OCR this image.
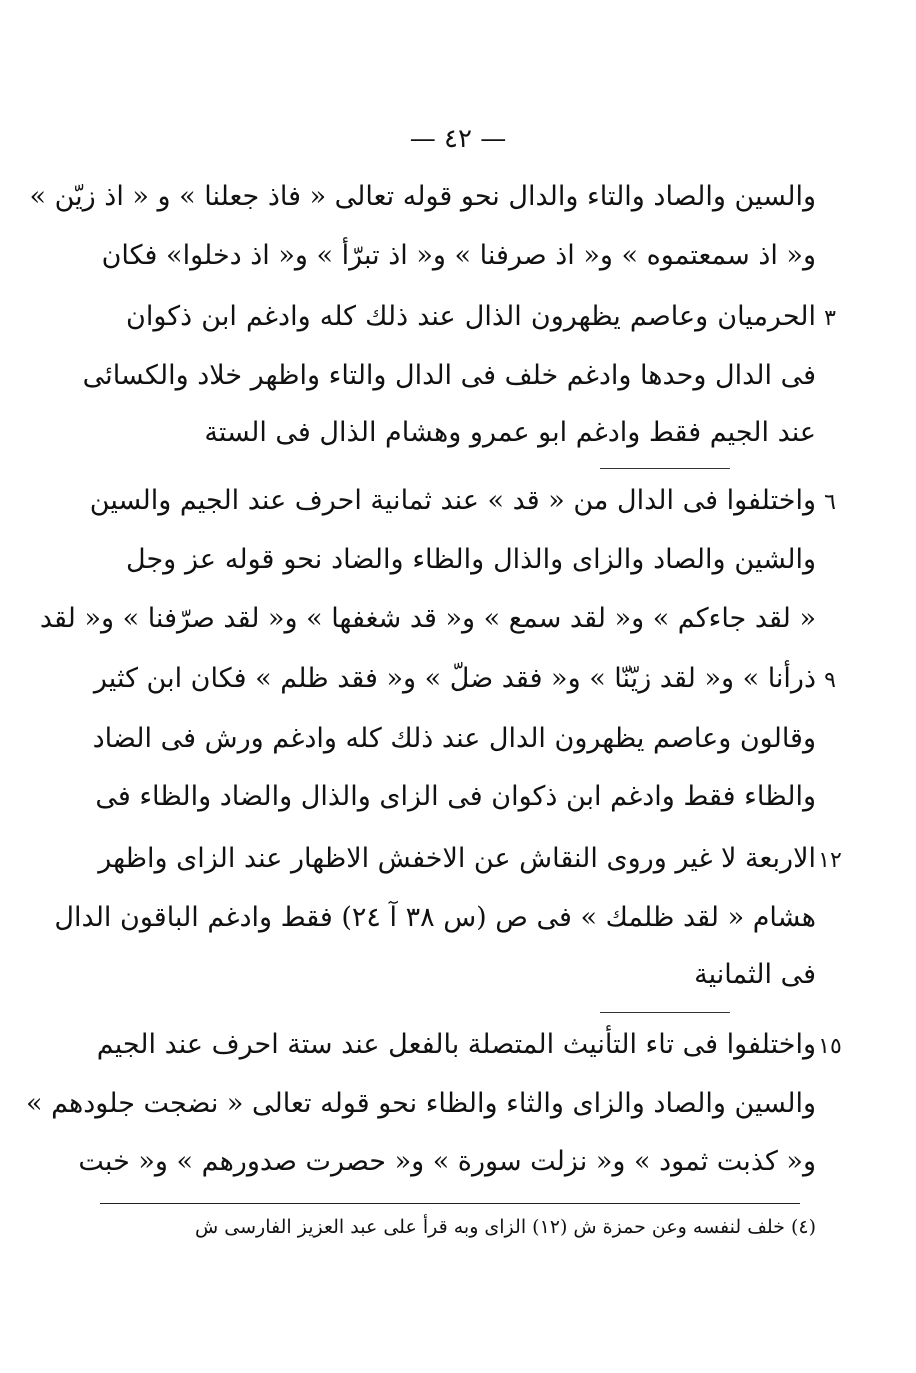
— ٤٢ —
والسين والصاد والتاء والدال نحو قوله تعالى « فاذ جعلنا » و « اذ زيّن »
و« اذ سمعتموه » و« اذ صرفنا » و« اذ تبرّأ » و« اذ دخلوا» فكان
الحرميان وعاصم يظهرون الذال عند ذلك كله وادغم ابن ذكوان
فى الدال وحدها وادغم خلف فى الدال والتاء واظهر خلاد والكسائى
عند الجيم فقط وادغم ابو عمرو وهشام الذال فى الستة
واختلفوا فى الدال من « قد » عند ثمانية احرف عند الجيم والسين
والشين والصاد والزاى والذال والظاء والضاد نحو قوله عز وجل
« لقد جاءكم » و« لقد سمع » و« قد شغفها » و« لقد صرّفنا » و« لقد
ذرأنا » و« لقد زيّنّا » و« فقد ضلّ » و« فقد ظلم » فكان ابن كثير
وقالون وعاصم يظهرون الدال عند ذلك كله وادغم ورش فى الضاد
والظاء فقط وادغم ابن ذكوان فى الزاى والذال والضاد والظاء فى
الاربعة لا غير وروى النقاش عن الاخفش الاظهار عند الزاى واظهر
هشام « لقد ظلمك » فى ص (س ٣٨ آ ٢٤) فقط وادغم الباقون الدال
فى الثمانية
واختلفوا فى تاء التأنيث المتصلة بالفعل عند ستة احرف عند الجيم
والسين والصاد والزاى والثاء والظاء نحو قوله تعالى « نضجت جلودهم »
و« كذبت ثمود » و« نزلت سورة » و« حصرت صدورهم » و« خبت
٣
٦
٩
١٢
١٥
(٤) خلف لنفسه وعن حمزة ش (١٢) الزاى وبه قرأ على عبد العزيز الفارسى ش
